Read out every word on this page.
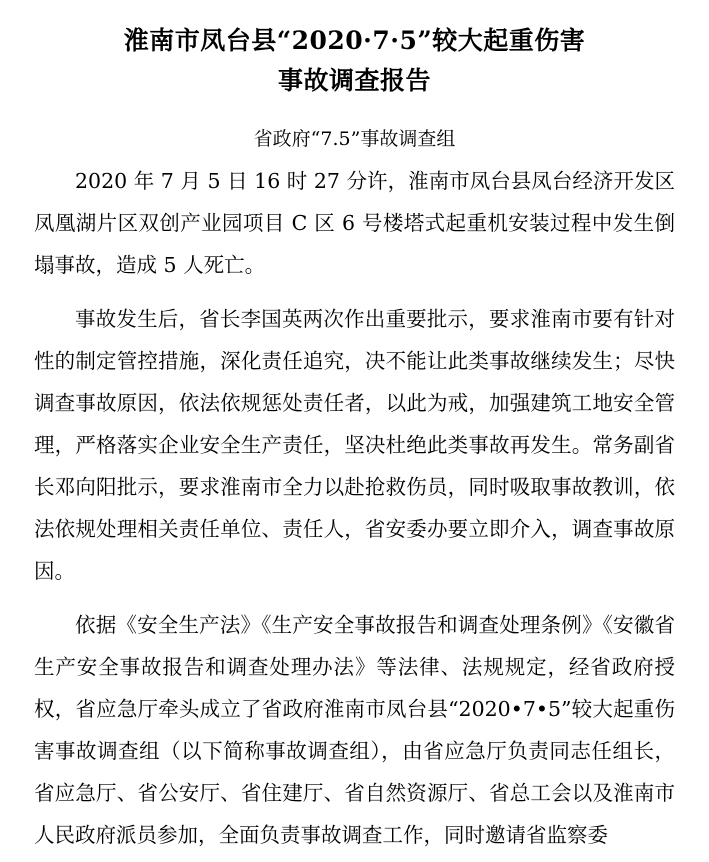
淮南市凤台县“2020·7·5”较大起重伤害
事故调查报告
省政府“7.5”事故调查组

2020 年 7 月 5 日 16 时 27 分许，淮南市凤台县凤台经济开发区凤凰湖片区双创产业园项目 C 区 6 号楼塔式起重机安装过程中发生倒塌事故，造成 5 人死亡。

事故发生后，省长李国英两次作出重要批示，要求淮南市要有针对性的制定管控措施，深化责任追究，决不能让此类事故继续发生；尽快调查事故原因，依法依规惩处责任者，以此为戒，加强建筑工地安全管理，严格落实企业安全生产责任，坚决杜绝此类事故再发生。常务副省长邓向阳批示，要求淮南市全力以赴抢救伤员，同时吸取事故教训，依法依规处理相关责任单位、责任人，省安委办要立即介入，调查事故原因。

依据《安全生产法》《生产安全事故报告和调查处理条例》《安徽省生产安全事故报告和调查处理办法》等法律、法规规定，经省政府授权，省应急厅牵头成立了省政府淮南市凤台县“2020•7•5”较大起重伤害事故调查组（以下简称事故调查组），由省应急厅负责同志任组长，省应急厅、省公安厅、省住建厅、省自然资源厅、省总工会以及淮南市人民政府派员参加，全面负责事故调查工作，同时邀请省监察委
